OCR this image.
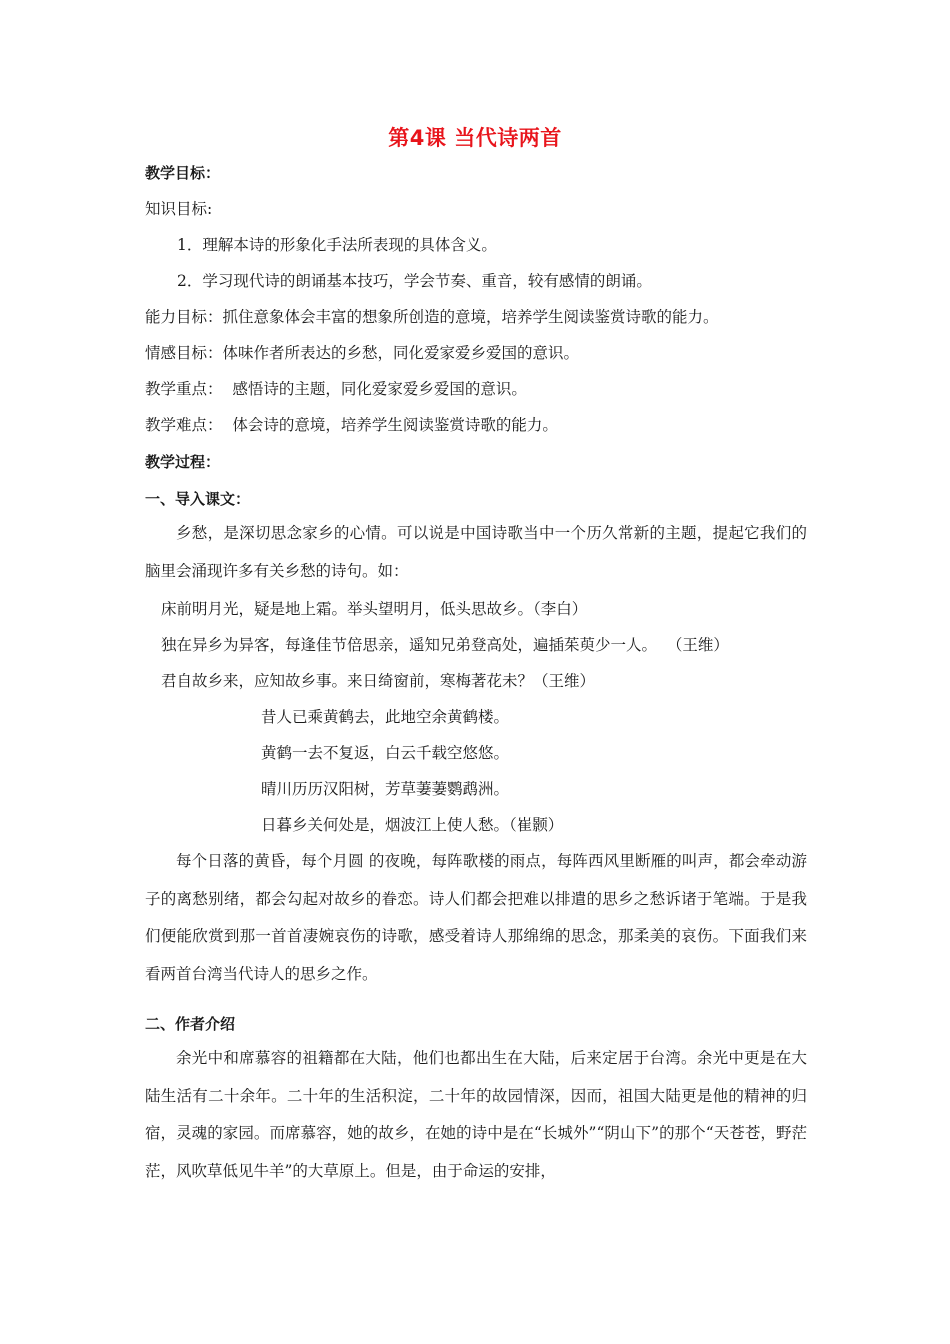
第4课 当代诗两首
教学目标：
知识目标:
1．理解本诗的形象化手法所表现的具体含义。
2．学习现代诗的朗诵基本技巧，学会节奏、重音，较有感情的朗诵。
能力目标：抓住意象体会丰富的想象所创造的意境，培养学生阅读鉴赏诗歌的能力。
情感目标：体味作者所表达的乡愁，同化爱家爱乡爱国的意识。
教学重点：  感悟诗的主题，同化爱家爱乡爱国的意识。
教学难点：  体会诗的意境，培养学生阅读鉴赏诗歌的能力。
教学过程：
一、导入课文：
乡愁，是深切思念家乡的心情。可以说是中国诗歌当中一个历久常新的主题，提起它我们的脑里会涌现许多有关乡愁的诗句。如：
床前明月光，疑是地上霜。举头望明月，低头思故乡。（李白）
独在异乡为异客，每逢佳节倍思亲，遥知兄弟登高处，遍插茱萸少一人。  （王维）
君自故乡来，应知故乡事。来日绮窗前，寒梅著花未？（王维）
昔人已乘黄鹤去，此地空余黄鹤楼。
黄鹤一去不复返，白云千载空悠悠。
晴川历历汉阳树，芳草萋萋鹦鹉洲。
日暮乡关何处是，烟波江上使人愁。（崔颢）
每个日落的黄昏，每个月圆 的夜晚，每阵歌楼的雨点，每阵西风里断雁的叫声，都会牵动游子的离愁别绪，都会勾起对故乡的眷恋。诗人们都会把难以排遣的思乡之愁诉诸于笔端。于是我们便能欣赏到那一首首凄婉哀伤的诗歌，感受着诗人那绵绵的思念，那柔美的哀伤。下面我们来看两首台湾当代诗人的思乡之作。
二、作者介绍
余光中和席慕容的祖籍都在大陆，他们也都出生在大陆，后来定居于台湾。余光中更是在大陆生活有二十余年。二十年的生活积淀，二十年的故园情深，因而，祖国大陆更是他的精神的归宿，灵魂的家园。而席慕容，她的故乡，在她的诗中是在“长城外”“阴山下”的那个“天苍苍，野茫茫，风吹草低见牛羊”的大草原上。但是，由于命运的安排，
